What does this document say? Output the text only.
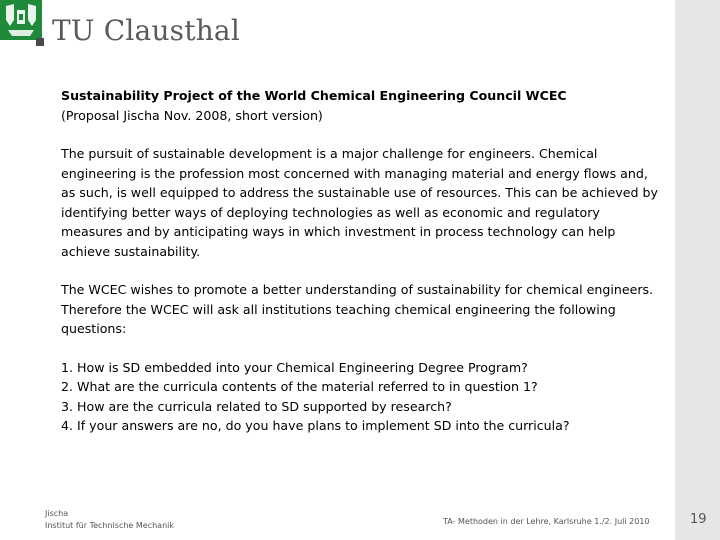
TU Clausthal
Sustainability Project of the World Chemical Engineering Council WCEC
(Proposal Jischa Nov. 2008, short version)
The pursuit of sustainable development is a major challenge for engineers. Chemical engineering is the profession most concerned with managing material and energy flows and, as such, is well equipped to address the sustainable use of resources. This can be achieved by identifying better ways of deploying technologies as well as economic and regulatory measures and by anticipating ways in which investment in process technology can help achieve sustainability.
The WCEC wishes to promote a better understanding of sustainability for chemical engineers. Therefore the WCEC will ask all institutions teaching chemical engineering the following questions:
1. How is SD embedded into your Chemical Engineering Degree Program?
2. What are the curricula contents of the material referred to in question 1?
3. How are the curricula related to SD supported by research?
4. If your answers are no, do you have plans to implement SD into the curricula?
Jischa
Institut für Technische Mechanik	TA- Methoden in der Lehre, Karlsruhe 1./2. Juli 2010	19
